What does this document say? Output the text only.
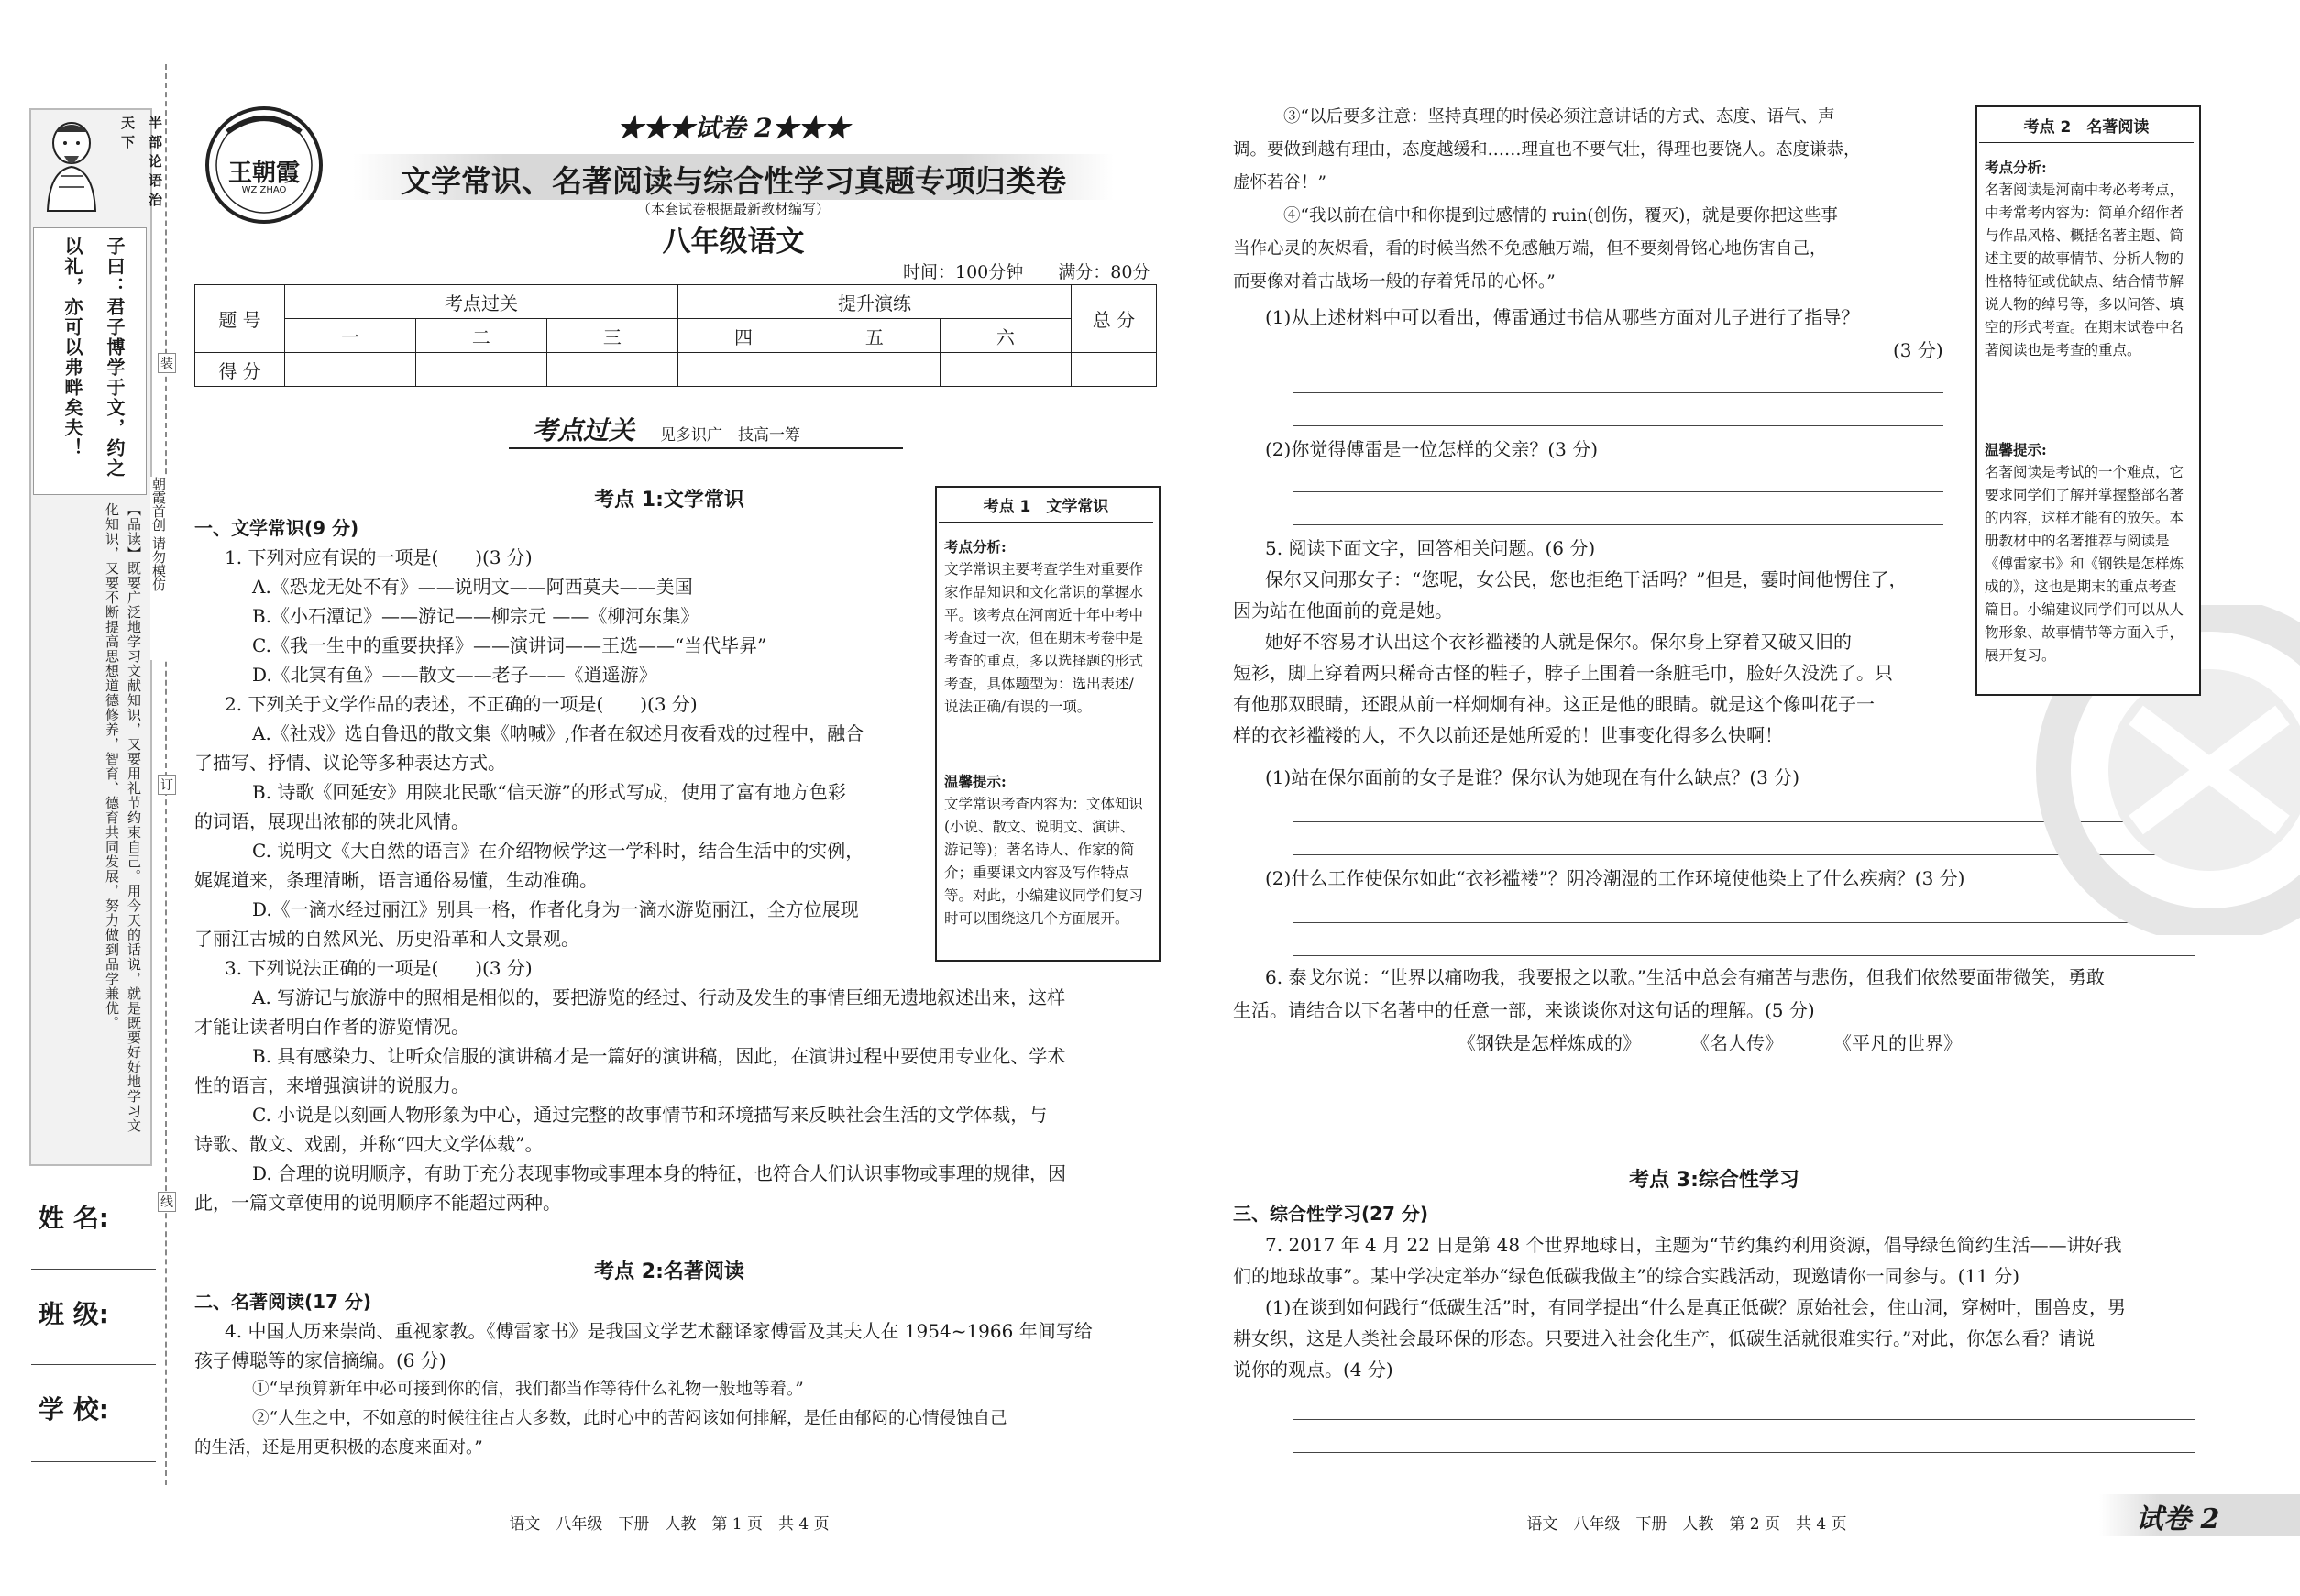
半部论语治天下
子曰：君子博学于文，约之以礼，亦可以弗畔矣夫！
【品读】既要广泛地学习文献知识，又要用礼节约束自己。用今天的话说，就是既要好好地学习文化知识，又要不断提高思想道德修养，智育、德育共同发展，努力做到品学兼优。	朝霞首创 请勿模仿
装
订
线
姓 名:
班 级:
学 校:
王朝霞
WZ ZHAO
★★★试卷 2★★★
文学常识、名著阅读与综合性学习真题专项归类卷
（本套试卷根据最新教材编写）
八年级语文
时间：100分钟　　满分：80分
题 号	考点过关			提升演练			总 分
	一	二	三	四	五	六	
得 分							
考点过关 见多识广　技高一筹
考点 1:文学常识
一、文学常识(9 分)
1. 下列对应有误的一项是(　　)(3 分)
A.《恐龙无处不有》——说明文——阿西莫夫——美国
B.《小石潭记》——游记——柳宗元 ——《柳河东集》
C.《我一生中的重要抉择》——演讲词——王选——“当代毕昇”
D.《北冥有鱼》——散文——老子——《逍遥游》
2. 下列关于文学作品的表述，不正确的一项是(　　)(3 分)
A.《社戏》选自鲁迅的散文集《呐喊》,作者在叙述月夜看戏的过程中，融合
了描写、抒情、议论等多种表达方式。
B. 诗歌《回延安》用陕北民歌“信天游”的形式写成，使用了富有地方色彩
的词语，展现出浓郁的陕北风情。
C. 说明文《大自然的语言》在介绍物候学这一学科时，结合生活中的实例，
娓娓道来，条理清晰，语言通俗易懂，生动准确。
D.《一滴水经过丽江》别具一格，作者化身为一滴水游览丽江，全方位展现
了丽江古城的自然风光、历史沿革和人文景观。
3. 下列说法正确的一项是(　　)(3 分)
A. 写游记与旅游中的照相是相似的，要把游览的经过、行动及发生的事情巨细无遗地叙述出来，这样
才能让读者明白作者的游览情况。
B. 具有感染力、让听众信服的演讲稿才是一篇好的演讲稿，因此，在演讲过程中要使用专业化、学术
性的语言，来增强演讲的说服力。
C. 小说是以刻画人物形象为中心，通过完整的故事情节和环境描写来反映社会生活的文学体裁，与
诗歌、散文、戏剧，并称“四大文学体裁”。
D. 合理的说明顺序，有助于充分表现事物或事理本身的特征，也符合人们认识事物或事理的规律，因
此，一篇文章使用的说明顺序不能超过两种。
考点 2:名著阅读
二、名著阅读(17 分)
4. 中国人历来崇尚、重视家教。《傅雷家书》是我国文学艺术翻译家傅雷及其夫人在 1954~1966 年间写给
孩子傅聪等的家信摘编。(6 分)
①“早预算新年中必可接到你的信，我们都当作等待什么礼物一般地等着。”
②“人生之中，不如意的时候往往占大多数，此时心中的苦闷该如何排解，是任由郁闷的心情侵蚀自己
的生活，还是用更积极的态度来面对。”
语文　八年级　下册　人教　第 1 页　共 4 页
考点 1　文学常识
考点分析:
文学常识主要考查学生对重要作家作品知识和文化常识的掌握水平。该考点在河南近十年中考中考查过一次，但在期末考卷中是考查的重点，多以选择题的形式考查，具体题型为：选出表述/说法正确/有误的一项。
温馨提示:
文学常识考查内容为：文体知识(小说、散文、说明文、演讲、游记等)；著名诗人、作家的简介；重要课文内容及写作特点等。对此，小编建议同学们复习时可以围绕这几个方面展开。
③“以后要多注意：坚持真理的时候必须注意讲话的方式、态度、语气、声
调。要做到越有理由，态度越缓和……理直也不要气壮，得理也要饶人。态度谦恭，
虚怀若谷！”
④“我以前在信中和你提到过感情的 ruin(创伤，覆灭)，就是要你把这些事
当作心灵的灰烬看，看的时候当然不免感触万端，但不要刻骨铭心地伤害自己，
而要像对着古战场一般的存着凭吊的心怀。”
(1)从上述材料中可以看出，傅雷通过书信从哪些方面对儿子进行了指导？
(3 分)
(2)你觉得傅雷是一位怎样的父亲？(3 分)
5. 阅读下面文字，回答相关问题。(6 分)
保尔又问那女子：“您呢，女公民，您也拒绝干活吗？”但是，霎时间他愣住了，
因为站在他面前的竟是她。
她好不容易才认出这个衣衫褴褛的人就是保尔。保尔身上穿着又破又旧的
短衫，脚上穿着两只稀奇古怪的鞋子，脖子上围着一条脏毛巾，脸好久没洗了。只
有他那双眼睛，还跟从前一样炯炯有神。这正是他的眼睛。就是这个像叫花子一
样的衣衫褴褛的人，不久以前还是她所爱的！世事变化得多么快啊！
(1)站在保尔面前的女子是谁？保尔认为她现在有什么缺点？(3 分)
(2)什么工作使保尔如此“衣衫褴褛”？阴冷潮湿的工作环境使他染上了什么疾病？(3 分)
6. 泰戈尔说：“世界以痛吻我，我要报之以歌。”生活中总会有痛苦与悲伤，但我们依然要面带微笑，勇敢
生活。请结合以下名著中的任意一部，来谈谈你对这句话的理解。(5 分)
《钢铁是怎样炼成的》	《名人传》	《平凡的世界》
考点 3:综合性学习
三、综合性学习(27 分)
7. 2017 年 4 月 22 日是第 48 个世界地球日，主题为“节约集约利用资源，倡导绿色简约生活——讲好我
们的地球故事”。某中学决定举办“绿色低碳我做主”的综合实践活动，现邀请你一同参与。(11 分)
(1)在谈到如何践行“低碳生活”时，有同学提出“什么是真正低碳？原始社会，住山洞，穿树叶，围兽皮，男
耕女织，这是人类社会最环保的形态。只要进入社会化生产，低碳生活就很难实行。”对此，你怎么看？请说
说你的观点。(4 分)
语文　八年级　下册　人教　第 2 页　共 4 页	试卷 2
考点 2　名著阅读
考点分析:
名著阅读是河南中考必考考点，中考常考内容为：简单介绍作者与作品风格、概括名著主题、简述主要的故事情节、分析人物的性格特征或优缺点、结合情节解说人物的绰号等，多以问答、填空的形式考查。在期末试卷中名著阅读也是考查的重点。
温馨提示:
名著阅读是考试的一个难点，它要求同学们了解并掌握整部名著的内容，这样才能有的放矢。本册教材中的名著推荐与阅读是《傅雷家书》和《钢铁是怎样炼成的》，这也是期末的重点考查篇目。小编建议同学们可以从人物形象、故事情节等方面入手，展开复习。
